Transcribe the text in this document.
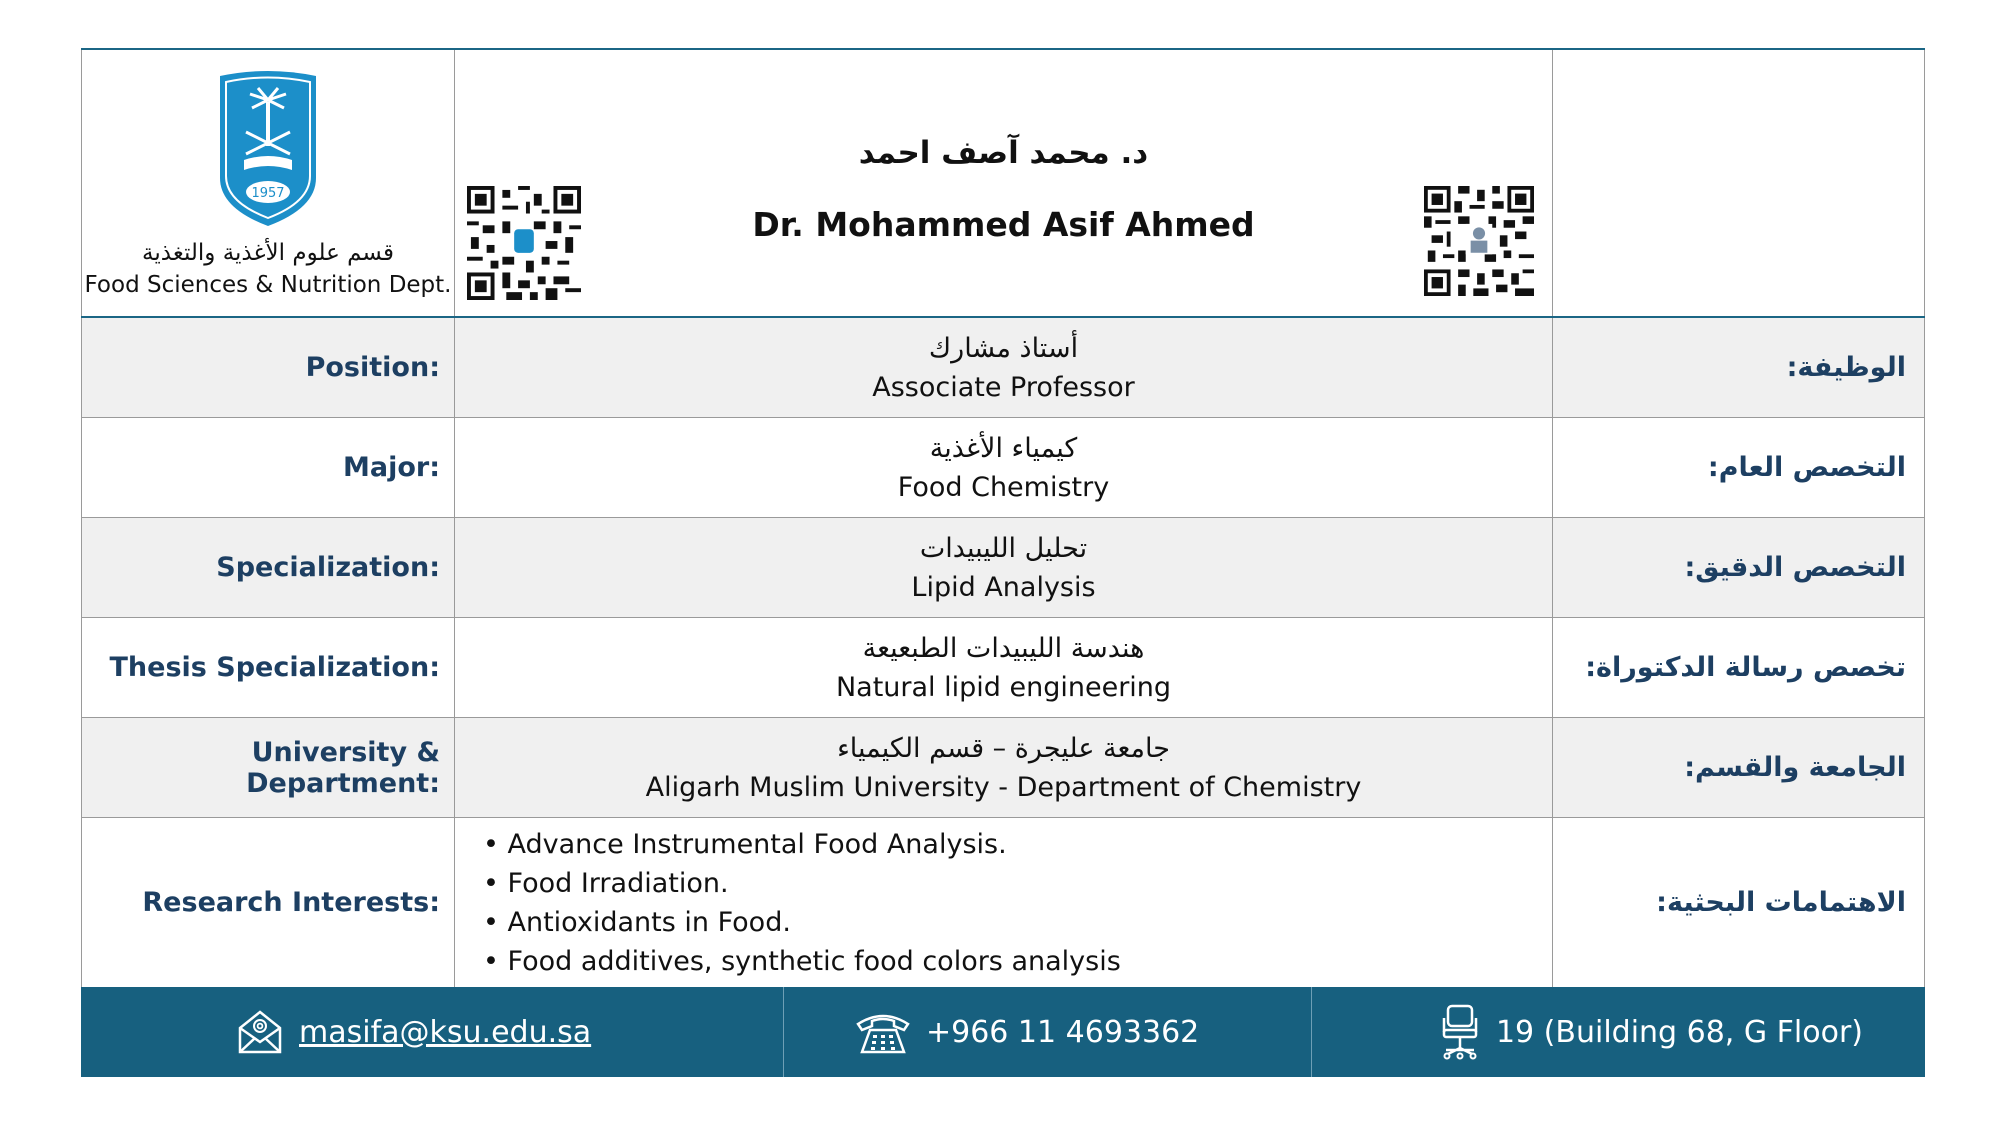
1957
قسم علوم الأغذية والتغذية
Food Sciences & Nutrition Dept.
د. محمد آصف احمد
Dr. Mohammed Asif Ahmed
Position:
أستاذ مشارك
Associate Professor
الوظيفة:
Major:
كيمياء الأغذية
Food Chemistry
التخصص العام:
Specialization:
تحليل الليبيدات
Lipid Analysis
التخصص الدقيق:
Thesis Specialization:
هندسة الليبيدات الطبعيعة
Natural lipid engineering
تخصص رسالة الدكتوراة:
University & Department:
جامعة عليجرة – قسم الكيمياء
Aligarh Muslim University - Department of Chemistry
الجامعة والقسم:
Research Interests:
• Advance Instrumental Food Analysis.
• Food Irradiation.
• Antioxidants in Food.
• Food additives, synthetic food colors analysis
الاهتمامات البحثية:
masifa@ksu.edu.sa	+966 11 4693362	19 (Building 68, G Floor)
